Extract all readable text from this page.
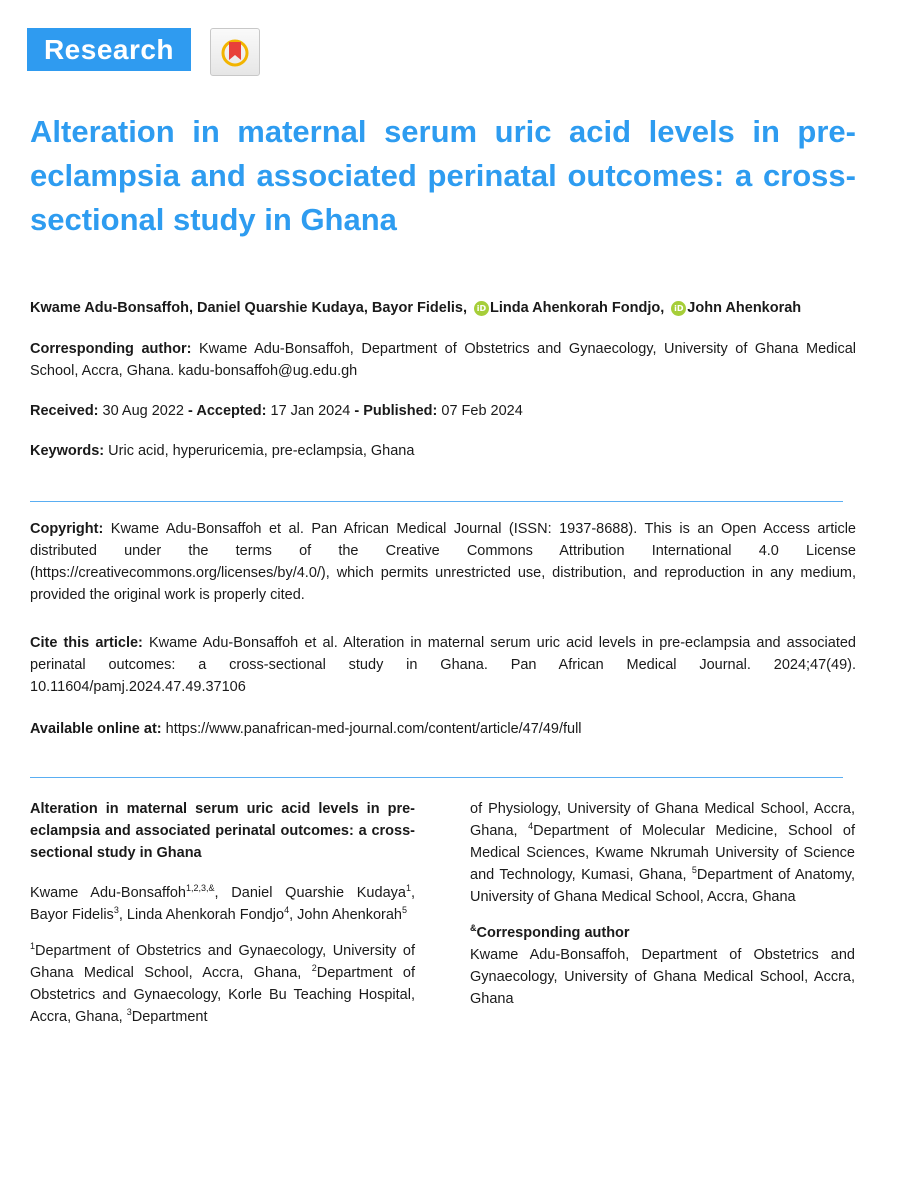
Research
Alteration in maternal serum uric acid levels in pre-eclampsia and associated perinatal outcomes: a cross-sectional study in Ghana

Kwame Adu-Bonsaffoh, Daniel Quarshie Kudaya, Bayor Fidelis, iD Linda Ahenkorah Fondjo, iD John Ahenkorah

Corresponding author: Kwame Adu-Bonsaffoh, Department of Obstetrics and Gynaecology, University of Ghana Medical School, Accra, Ghana. kadu-bonsaffoh@ug.edu.gh

Received: 30 Aug 2022 - Accepted: 17 Jan 2024 - Published: 07 Feb 2024

Keywords: Uric acid, hyperuricemia, pre-eclampsia, Ghana

Copyright: Kwame Adu-Bonsaffoh et al. Pan African Medical Journal (ISSN: 1937-8688). This is an Open Access article distributed under the terms of the Creative Commons Attribution International 4.0 License (https://creativecommons.org/licenses/by/4.0/), which permits unrestricted use, distribution, and reproduction in any medium, provided the original work is properly cited.

Cite this article: Kwame Adu-Bonsaffoh et al. Alteration in maternal serum uric acid levels in pre-eclampsia and associated perinatal outcomes: a cross-sectional study in Ghana. Pan African Medical Journal. 2024;47(49). 10.11604/pamj.2024.47.49.37106

Available online at: https://www.panafrican-med-journal.com/content/article/47/49/full

Alteration in maternal serum uric acid levels in pre-eclampsia and associated perinatal outcomes: a cross-sectional study in Ghana

Kwame Adu-Bonsaffoh$^{1,2,3,\&}$, Daniel Quarshie Kudaya$^1$, Bayor Fidelis$^3$, Linda Ahenkorah Fondjo$^4$, John Ahenkorah$^5$

$^1$Department of Obstetrics and Gynaecology, University of Ghana Medical School, Accra, Ghana, $^2$Department of Obstetrics and Gynaecology, Korle Bu Teaching Hospital, Accra, Ghana, $^3$Department

of Physiology, University of Ghana Medical School, Accra, Ghana, $^4$Department of Molecular Medicine, School of Medical Sciences, Kwame Nkrumah University of Science and Technology, Kumasi, Ghana, $^5$Department of Anatomy, University of Ghana Medical School, Accra, Ghana

&Corresponding author

Kwame Adu-Bonsaffoh, Department of Obstetrics and Gynaecology, University of Ghana Medical School, Accra, Ghana
